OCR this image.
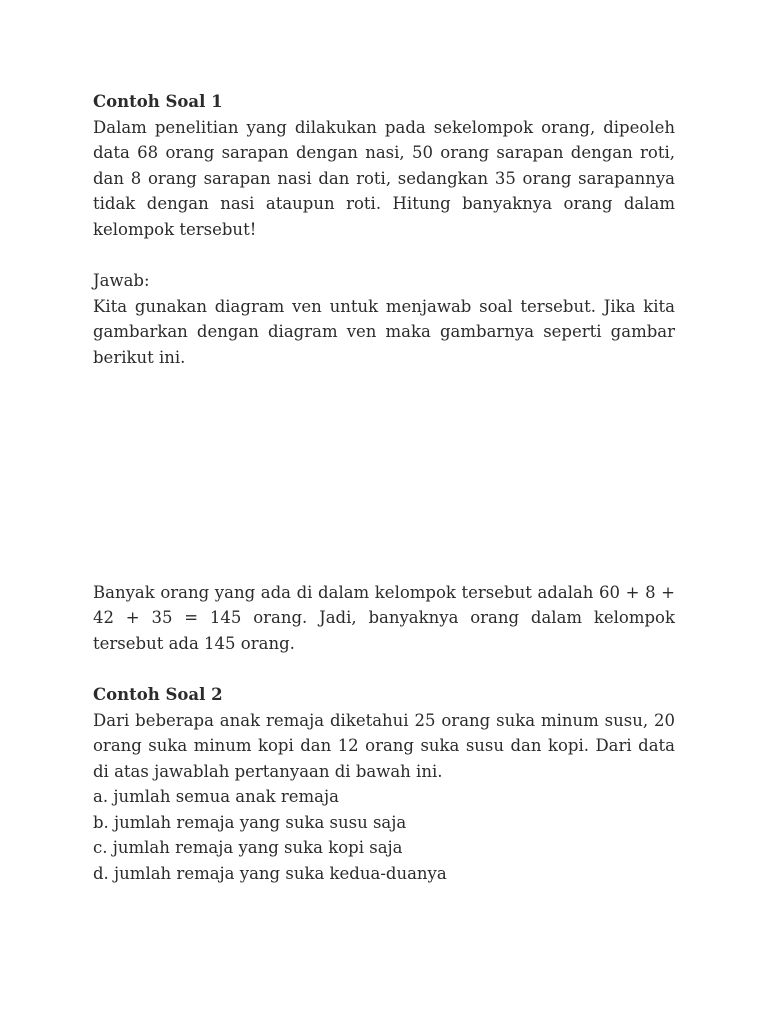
Contoh Soal 1

Dalam penelitian yang dilakukan pada sekelompok orang, dipeoleh data 68 orang sarapan dengan nasi, 50 orang sarapan dengan roti, dan 8 orang sarapan nasi dan roti, sedangkan 35 orang sarapannya tidak dengan nasi ataupun roti. Hitung banyaknya orang dalam kelompok tersebut!

Jawab:

Kita gunakan diagram ven untuk menjawab soal tersebut. Jika kita gambarkan dengan diagram ven maka gambarnya seperti gambar berikut ini.

Banyak orang yang ada di dalam kelompok tersebut adalah 60 + 8 + 42 + 35 = 145 orang. Jadi, banyaknya orang dalam kelompok tersebut ada 145 orang.

Contoh Soal 2

Dari beberapa anak remaja diketahui 25 orang suka minum susu, 20 orang suka minum kopi dan 12 orang suka susu dan kopi. Dari data di atas jawablah pertanyaan di bawah ini.

a. jumlah semua anak remaja

b. jumlah remaja yang suka susu saja

c. jumlah remaja yang suka kopi saja

d. jumlah remaja yang suka kedua-duanya
